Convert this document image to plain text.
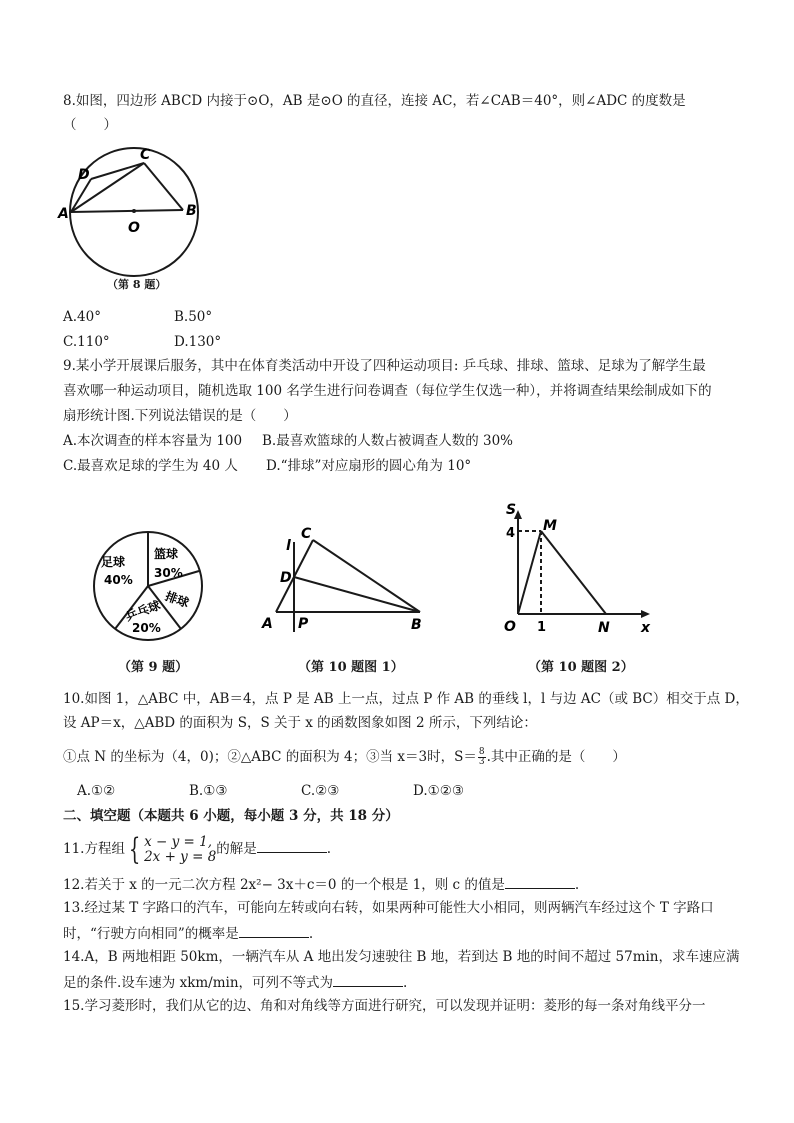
8.如图，四边形 ABCD 内接于⊙O，AB 是⊙O 的直径，连接 AC，若∠CAB＝40°，则∠ADC 的度数是
（　　）
A	B
C
D
O
（第 8 题）
A.40°	B.50°
C.110°	D.130°
9.某小学开展课后服务，其中在体育类活动中开设了四种运动项目: 乒乓球、排球、篮球、足球为了解学生最
喜欢哪一种运动项目，随机选取 100 名学生进行问卷调查（每位学生仅选一种），并将调查结果绘制成如下的
扇形统计图.下列说法错误的是（　　）
A.本次调查的样本容量为 100 B.最喜欢篮球的人数占被调查人数的 30%
C.最喜欢足球的学生为 40 人 D.“排球”对应扇形的圆心角为 10°
足球
40%
篮球
30%
排球
乒乓球
20%
（第 9 题）
l
C
D
A P	B
（第 10 题图 1）
S
4 M
O 1	N x
（第 10 题图 2）
10.如图 1，△ABC 中，AB＝4，点 P 是 AB 上一点，过点 P 作 AB 的垂线 l，l 与边 AC（或 BC）相交于点 D，
设 AP＝x，△ABD 的面积为 S，S 关于 x 的函数图象如图 2 所示，下列结论：
①点 N 的坐标为（4，0)；②△ABC 的面积为 4；③当 x＝3时，$S= \frac{8}{3}$ .其中正确的是（　　）
A.①②	B.①③	C.②③	D.①②③
二、填空题（本题共 6 小题，每小题 3 分，共 18 分）
11.方程组 { x − y = 1,
2x + y = 8 的解是	.
12.若关于 x 的一元二次方程 2x²− 3x＋c＝0 的一个根是 1，则 c 的值是	.
13.经过某 T 字路口的汽车，可能向左转或向右转，如果两种可能性大小相同，则两辆汽车经过这个 T 字路口
时，“行驶方向相同”的概率是	.
14.A，B 两地相距 50km，一辆汽车从 A 地出发匀速驶往 B 地，若到达 B 地的时间不超过 57min，求车速应满
足的条件.设车速为 xkm/min，可列不等式为	.
15.学习菱形时，我们从它的边、角和对角线等方面进行研究，可以发现并证明：菱形的每一条对角线平分一
